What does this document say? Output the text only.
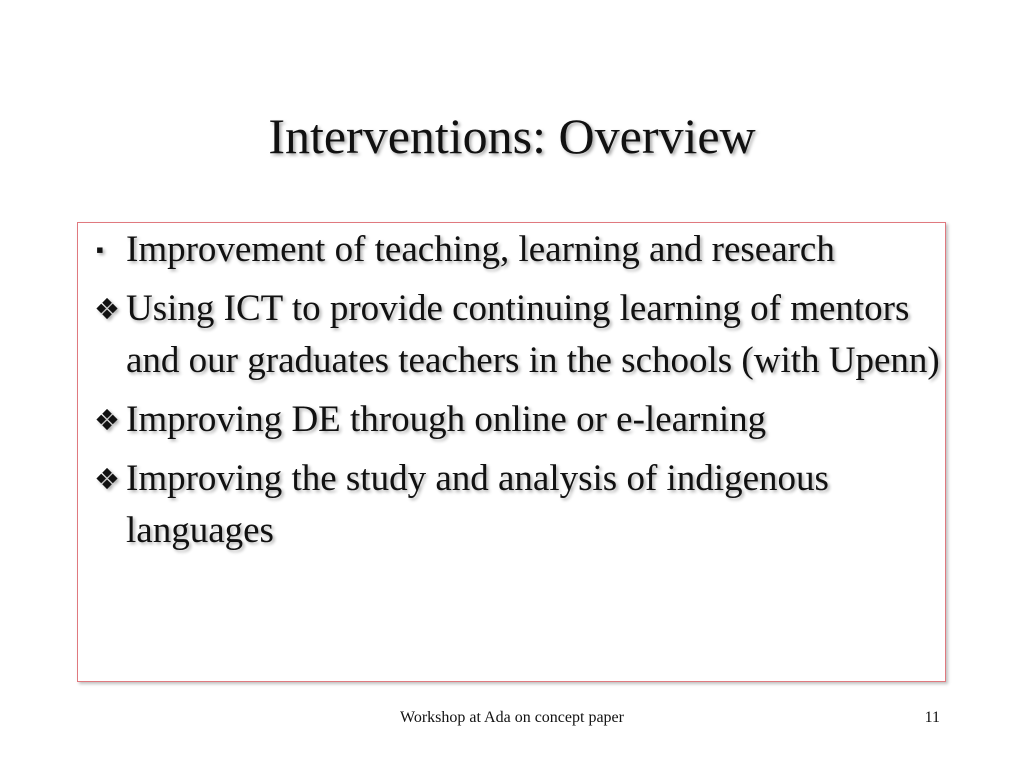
Interventions: Overview
▪ Improvement of teaching, learning and research
❖ Using ICT to provide continuing learning of mentors and our graduates teachers in the schools (with Upenn)
❖ Improving DE through online or e-learning
❖ Improving the study and analysis of indigenous languages
Workshop at Ada on concept paper	11
